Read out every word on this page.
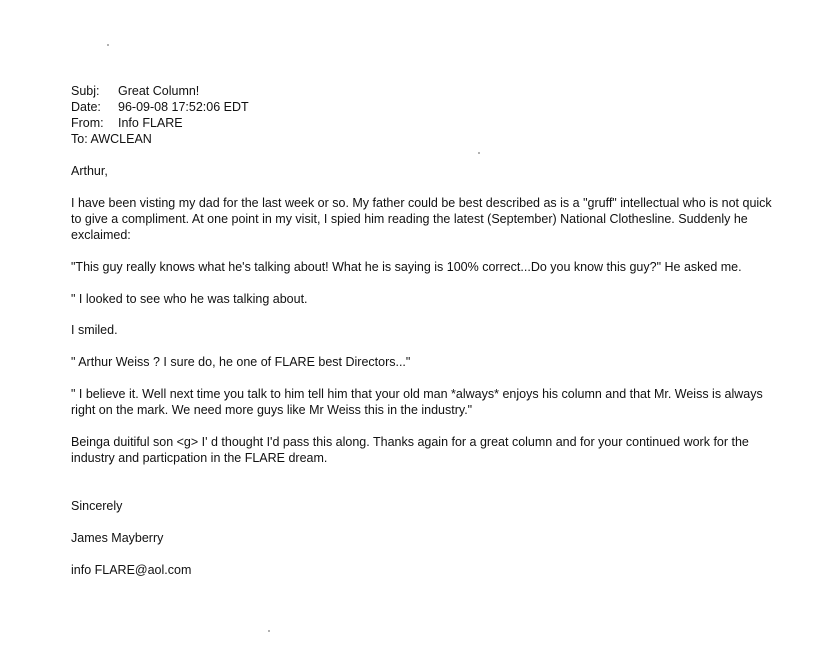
Subj: Great Column!
Date: 96-09-08 17:52:06 EDT
From: Info FLARE
To: AWCLEAN
Arthur,
I have been visting my dad for the last week or so. My father could be best described as is a "gruff" intellectual who is not quick to give a compliment. At one point in my visit, I spied him reading the latest (September) National Clothesline. Suddenly he exclaimed:
"This guy really knows what he's talking about! What he is saying is 100% correct...Do you know this guy?" He asked me.
" I looked to see who he was talking about.
I smiled.
" Arthur Weiss ? I sure do, he one of FLARE best Directors..."
" I believe it. Well next time you talk to him tell him that your old man *always* enjoys his column and that Mr. Weiss is always right on the mark. We need more guys like Mr Weiss this in the industry."
Beinga duitiful son <g> I' d thought I'd pass this along. Thanks again for a great column and for your continued work for the industry and particpation in the FLARE dream.
Sincerely
James Mayberry
info FLARE@aol.com
